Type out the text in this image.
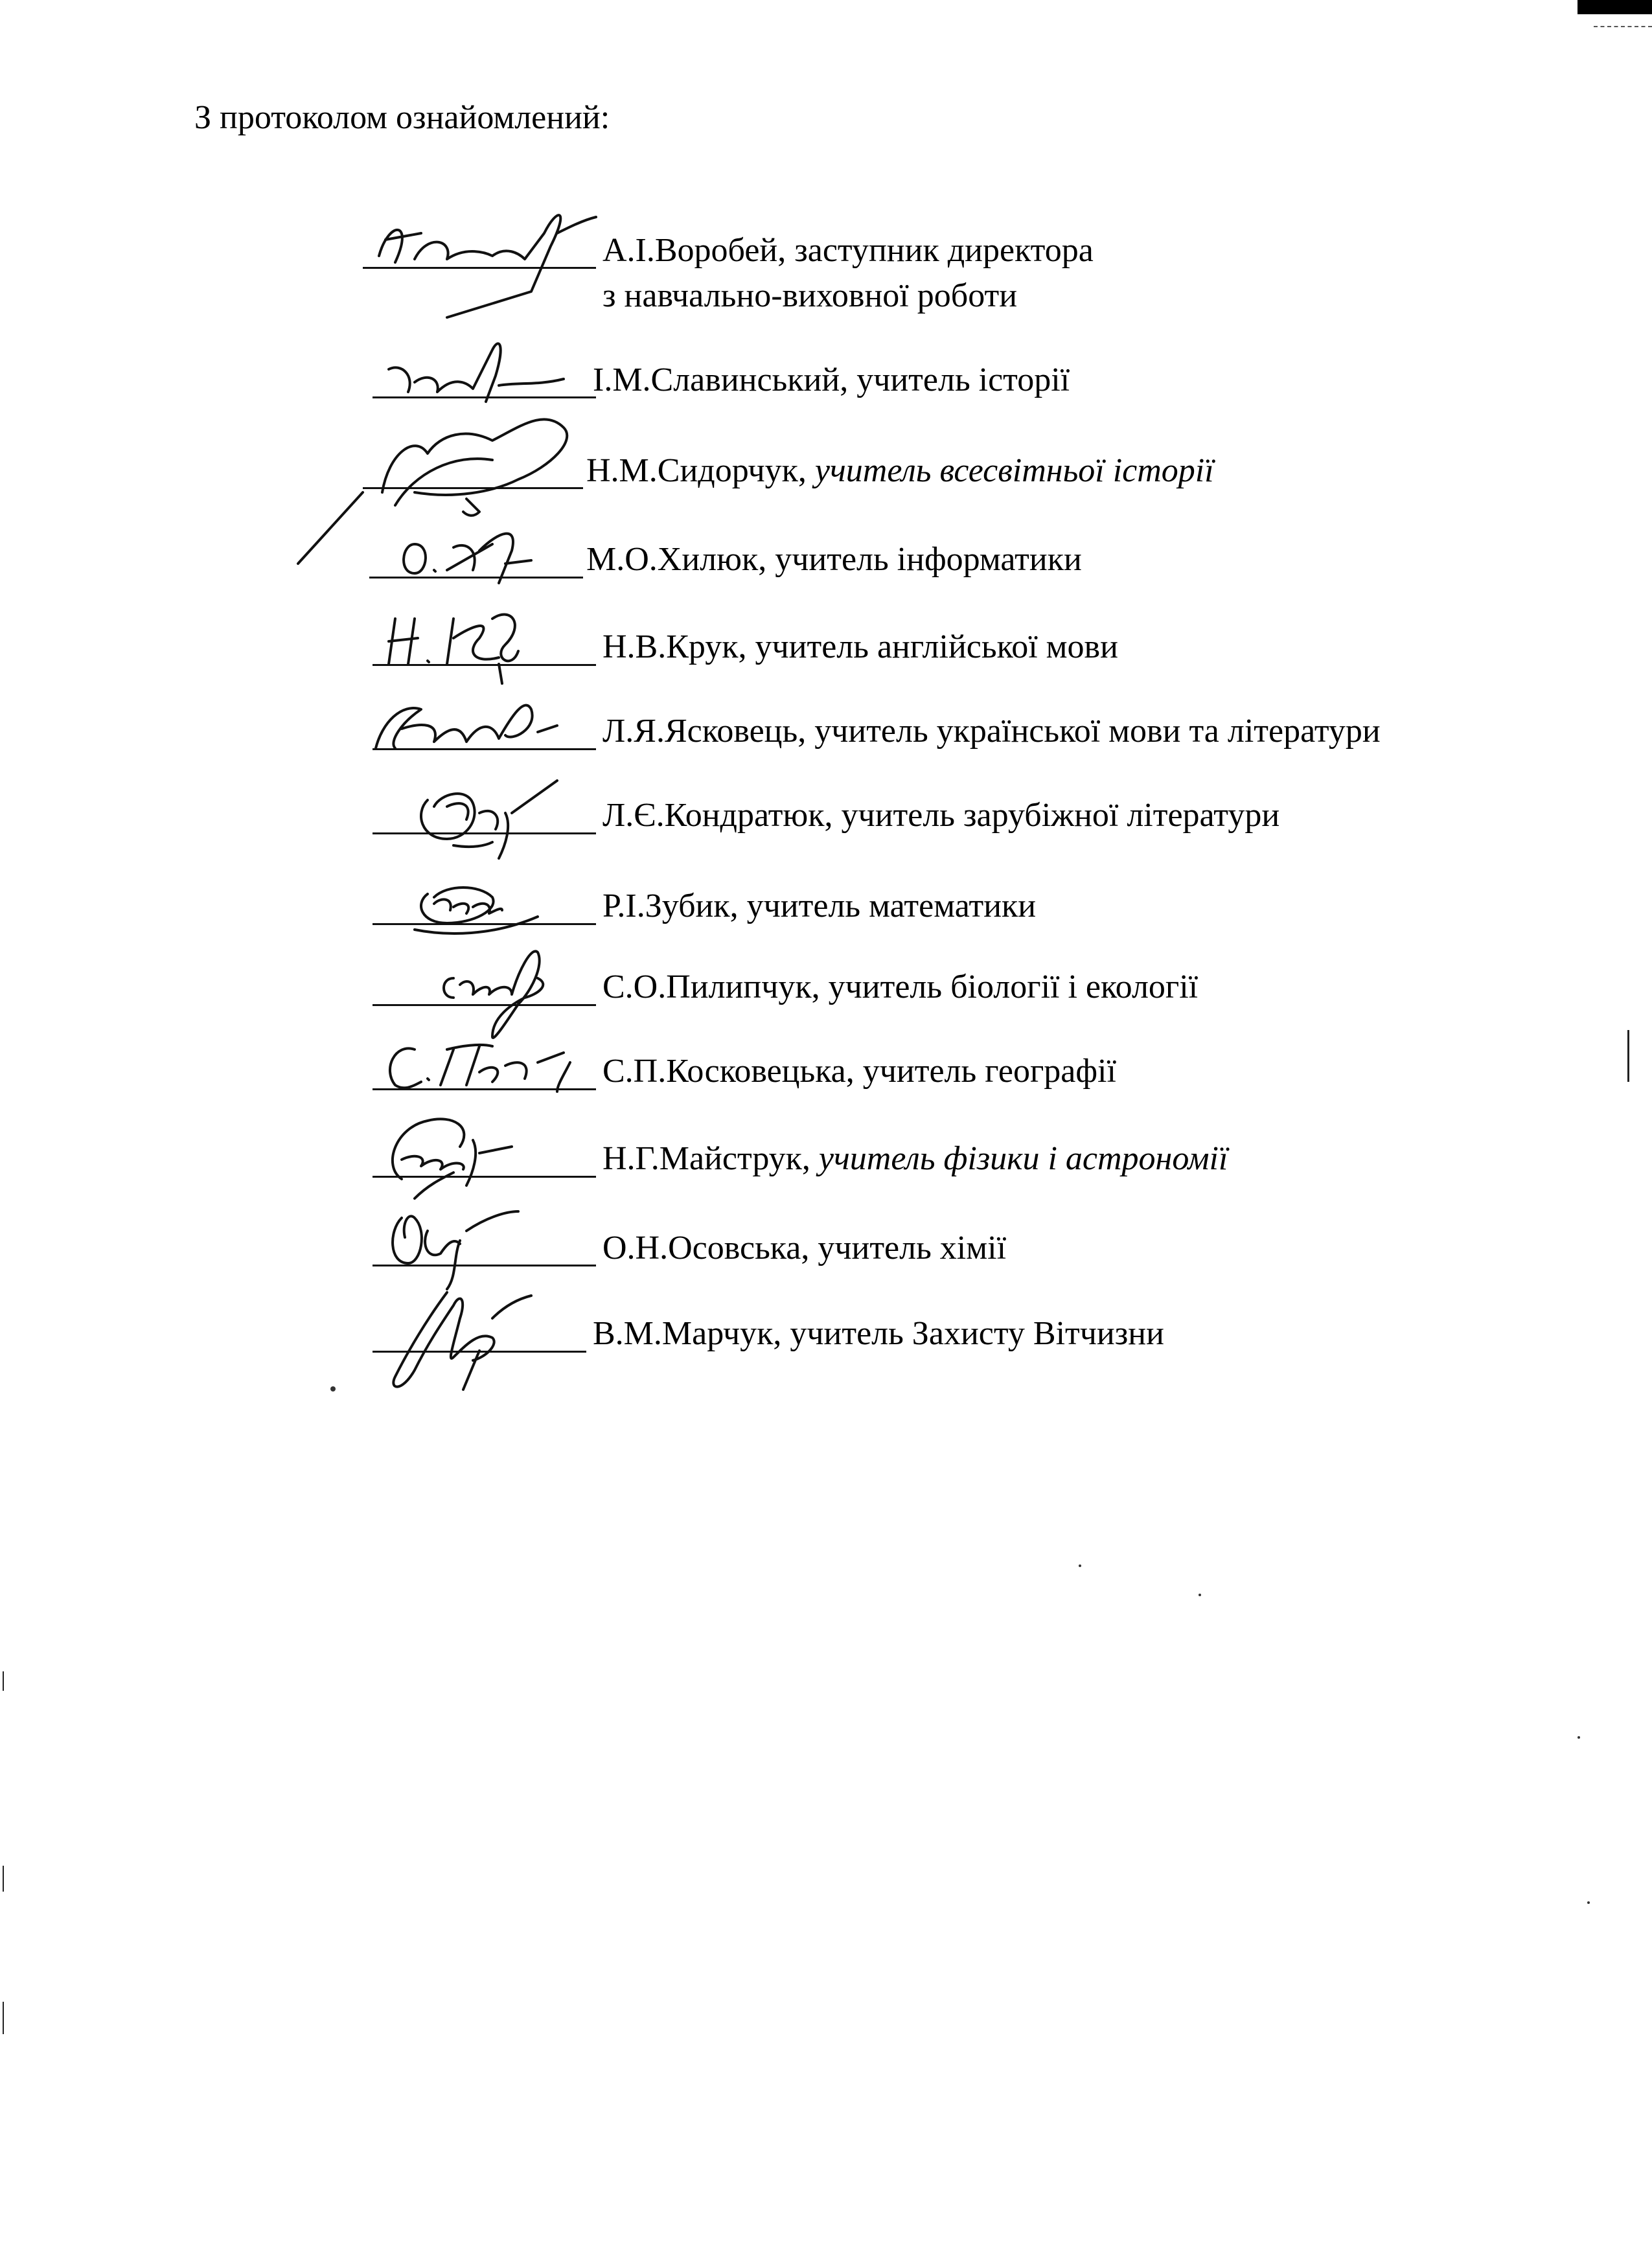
З протоколом ознайомлений:
А.І.Воробей, заступник директора
з навчально-виховної роботи
І.М.Славинський, учитель історії
Н.М.Сидорчук, учитель всесвітньої історії
М.О.Хилюк, учитель інформатики
Н.В.Крук, учитель англійської мови
Л.Я.Ясковець, учитель української мови та літератури
Л.Є.Кондратюк, учитель зарубіжної літератури
Р.І.Зубик, учитель математики
С.О.Пилипчук, учитель біології і екології
С.П.Косковецька, учитель географії
Н.Г.Майструк, учитель фізики і астрономії
О.Н.Осовська, учитель хімії
В.М.Марчук, учитель Захисту Вітчизни
